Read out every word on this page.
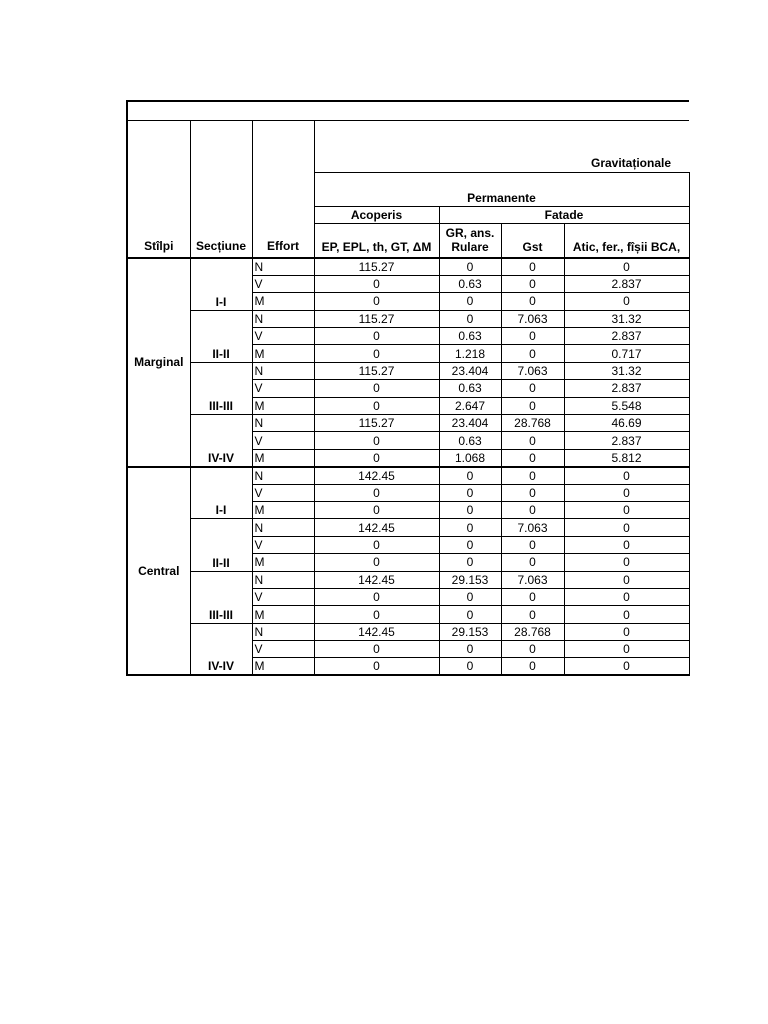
Stîlpi	Secțiune	Effort	Gravitaționale			
			Permanente			
			Acoperis	Fatade		
			EP, EPL, th, GT, ΔM	GR, ans. Rulare	Gst	Atic, fer., fîșii BCA,
Marginal	I-I	N	115.27	0	0	0
		V	0	0.63	0	2.837
		M	0	0	0	0
	II-II	N	115.27	0	7.063	31.32
		V	0	0.63	0	2.837
		M	0	1.218	0	0.717
	III-III	N	115.27	23.404	7.063	31.32
		V	0	0.63	0	2.837
		M	0	2.647	0	5.548
	IV-IV	N	115.27	23.404	28.768	46.69
		V	0	0.63	0	2.837
		M	0	1.068	0	5.812
Central	I-I	N	142.45	0	0	0
		V	0	0	0	0
		M	0	0	0	0
	II-II	N	142.45	0	7.063	0
		V	0	0	0	0
		M	0	0	0	0
	III-III	N	142.45	29.153	7.063	0
		V	0	0	0	0
		M	0	0	0	0
	IV-IV	N	142.45	29.153	28.768	0
		V	0	0	0	0
		M	0	0	0	0
